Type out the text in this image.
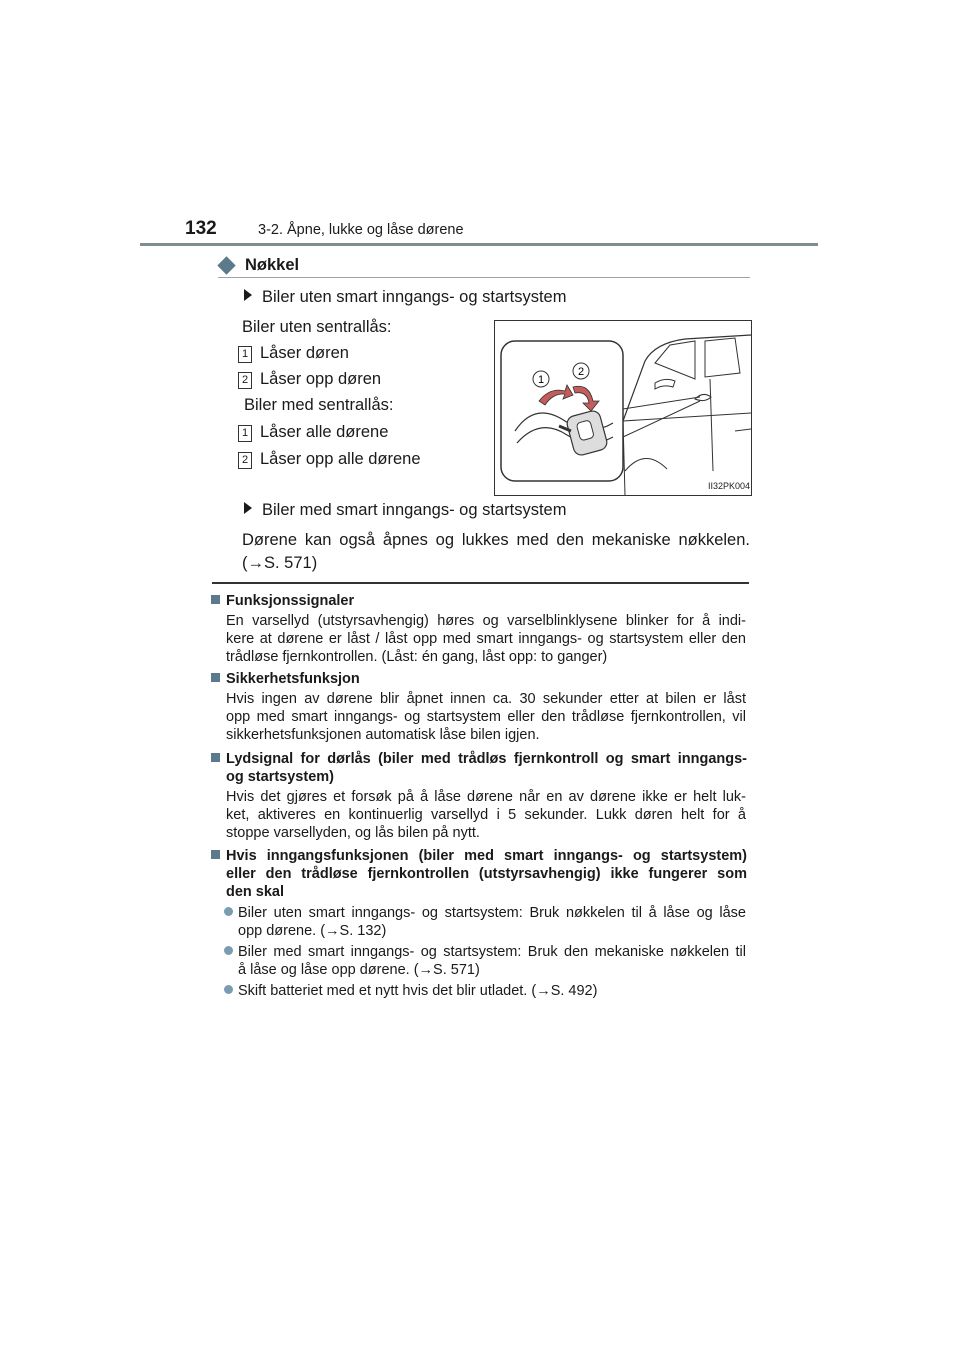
132	3-2. Åpne, lukke og låse dørene
Nøkkel
Biler uten smart inngangs- og startsystem
Biler uten sentrallås:
1 Låser døren
2 Låser opp døren
Biler med sentrallås:
1 Låser alle dørene
2 Låser opp alle dørene
1
2
II32PK004
Biler med smart inngangs- og startsystem
Dørene kan også åpnes og lukkes med den mekaniske nøkkelen.
(→S. 571)
Funksjonssignaler
En varsellyd (utstyrsavhengig) høres og varselblinklysene blinker for å indi-
kere at dørene er låst / låst opp med smart inngangs- og startsystem eller den
trådløse fjernkontrollen. (Låst: én gang, låst opp: to ganger)
Sikkerhetsfunksjon
Hvis ingen av dørene blir åpnet innen ca. 30 sekunder etter at bilen er låst
opp med smart inngangs- og startsystem eller den trådløse fjernkontrollen, vil
sikkerhetsfunksjonen automatisk låse bilen igjen.
Lydsignal for dørlås (biler med trådløs fjernkontroll og smart inngangs-
og startsystem)
Hvis det gjøres et forsøk på å låse dørene når en av dørene ikke er helt luk-
ket, aktiveres en kontinuerlig varsellyd i 5 sekunder. Lukk døren helt for å
stoppe varsellyden, og lås bilen på nytt.
Hvis inngangsfunksjonen (biler med smart inngangs- og startsystem)
eller den trådløse fjernkontrollen (utstyrsavhengig) ikke fungerer som
den skal
Biler uten smart inngangs- og startsystem: Bruk nøkkelen til å låse og låse
opp dørene. (→S. 132)
Biler med smart inngangs- og startsystem: Bruk den mekaniske nøkkelen til
å låse og låse opp dørene. (→S. 571)
Skift batteriet med et nytt hvis det blir utladet. (→S. 492)
